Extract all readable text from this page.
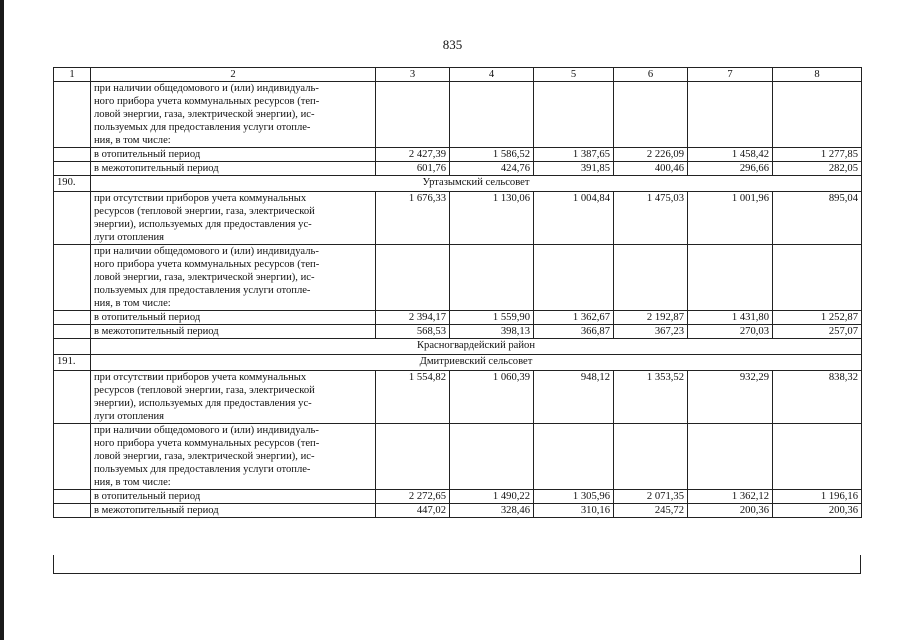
835
1	2	3	4	5	6	7	8
	при наличии общедомового и (или) индивидуаль-
ного прибора учета коммунальных ресурсов (теп-
ловой энергии, газа, электрической энергии), ис-
пользуемых для предоставления услуги отопле-
ния, в том числе:						
	в отопительный период	2 427,39	1 586,52	1 387,65	2 226,09	1 458,42	1 277,85
	в межотопительный период	601,76	424,76	391,85	400,46	296,66	282,05
190.	Уртазымский сельсовет						
	при отсутствии приборов учета коммунальных
ресурсов (тепловой энергии, газа, электрической
энергии), используемых для предоставления ус-
луги отопления	1 676,33	1 130,06	1 004,84	1 475,03	1 001,96	895,04
	при наличии общедомового и (или) индивидуаль-
ного прибора учета коммунальных ресурсов (теп-
ловой энергии, газа, электрической энергии), ис-
пользуемых для предоставления услуги отопле-
ния, в том числе:						
	в отопительный период	2 394,17	1 559,90	1 362,67	2 192,87	1 431,80	1 252,87
	в межотопительный период	568,53	398,13	366,87	367,23	270,03	257,07
	Красногвардейский район						
191.	Дмитриевский сельсовет						
	при отсутствии приборов учета коммунальных
ресурсов (тепловой энергии, газа, электрической
энергии), используемых для предоставления ус-
луги отопления	1 554,82	1 060,39	948,12	1 353,52	932,29	838,32
	при наличии общедомового и (или) индивидуаль-
ного прибора учета коммунальных ресурсов (теп-
ловой энергии, газа, электрической энергии), ис-
пользуемых для предоставления услуги отопле-
ния, в том числе:						
	в отопительный период	2 272,65	1 490,22	1 305,96	2 071,35	1 362,12	1 196,16
	в межотопительный период	447,02	328,46	310,16	245,72	200,36	200,36
